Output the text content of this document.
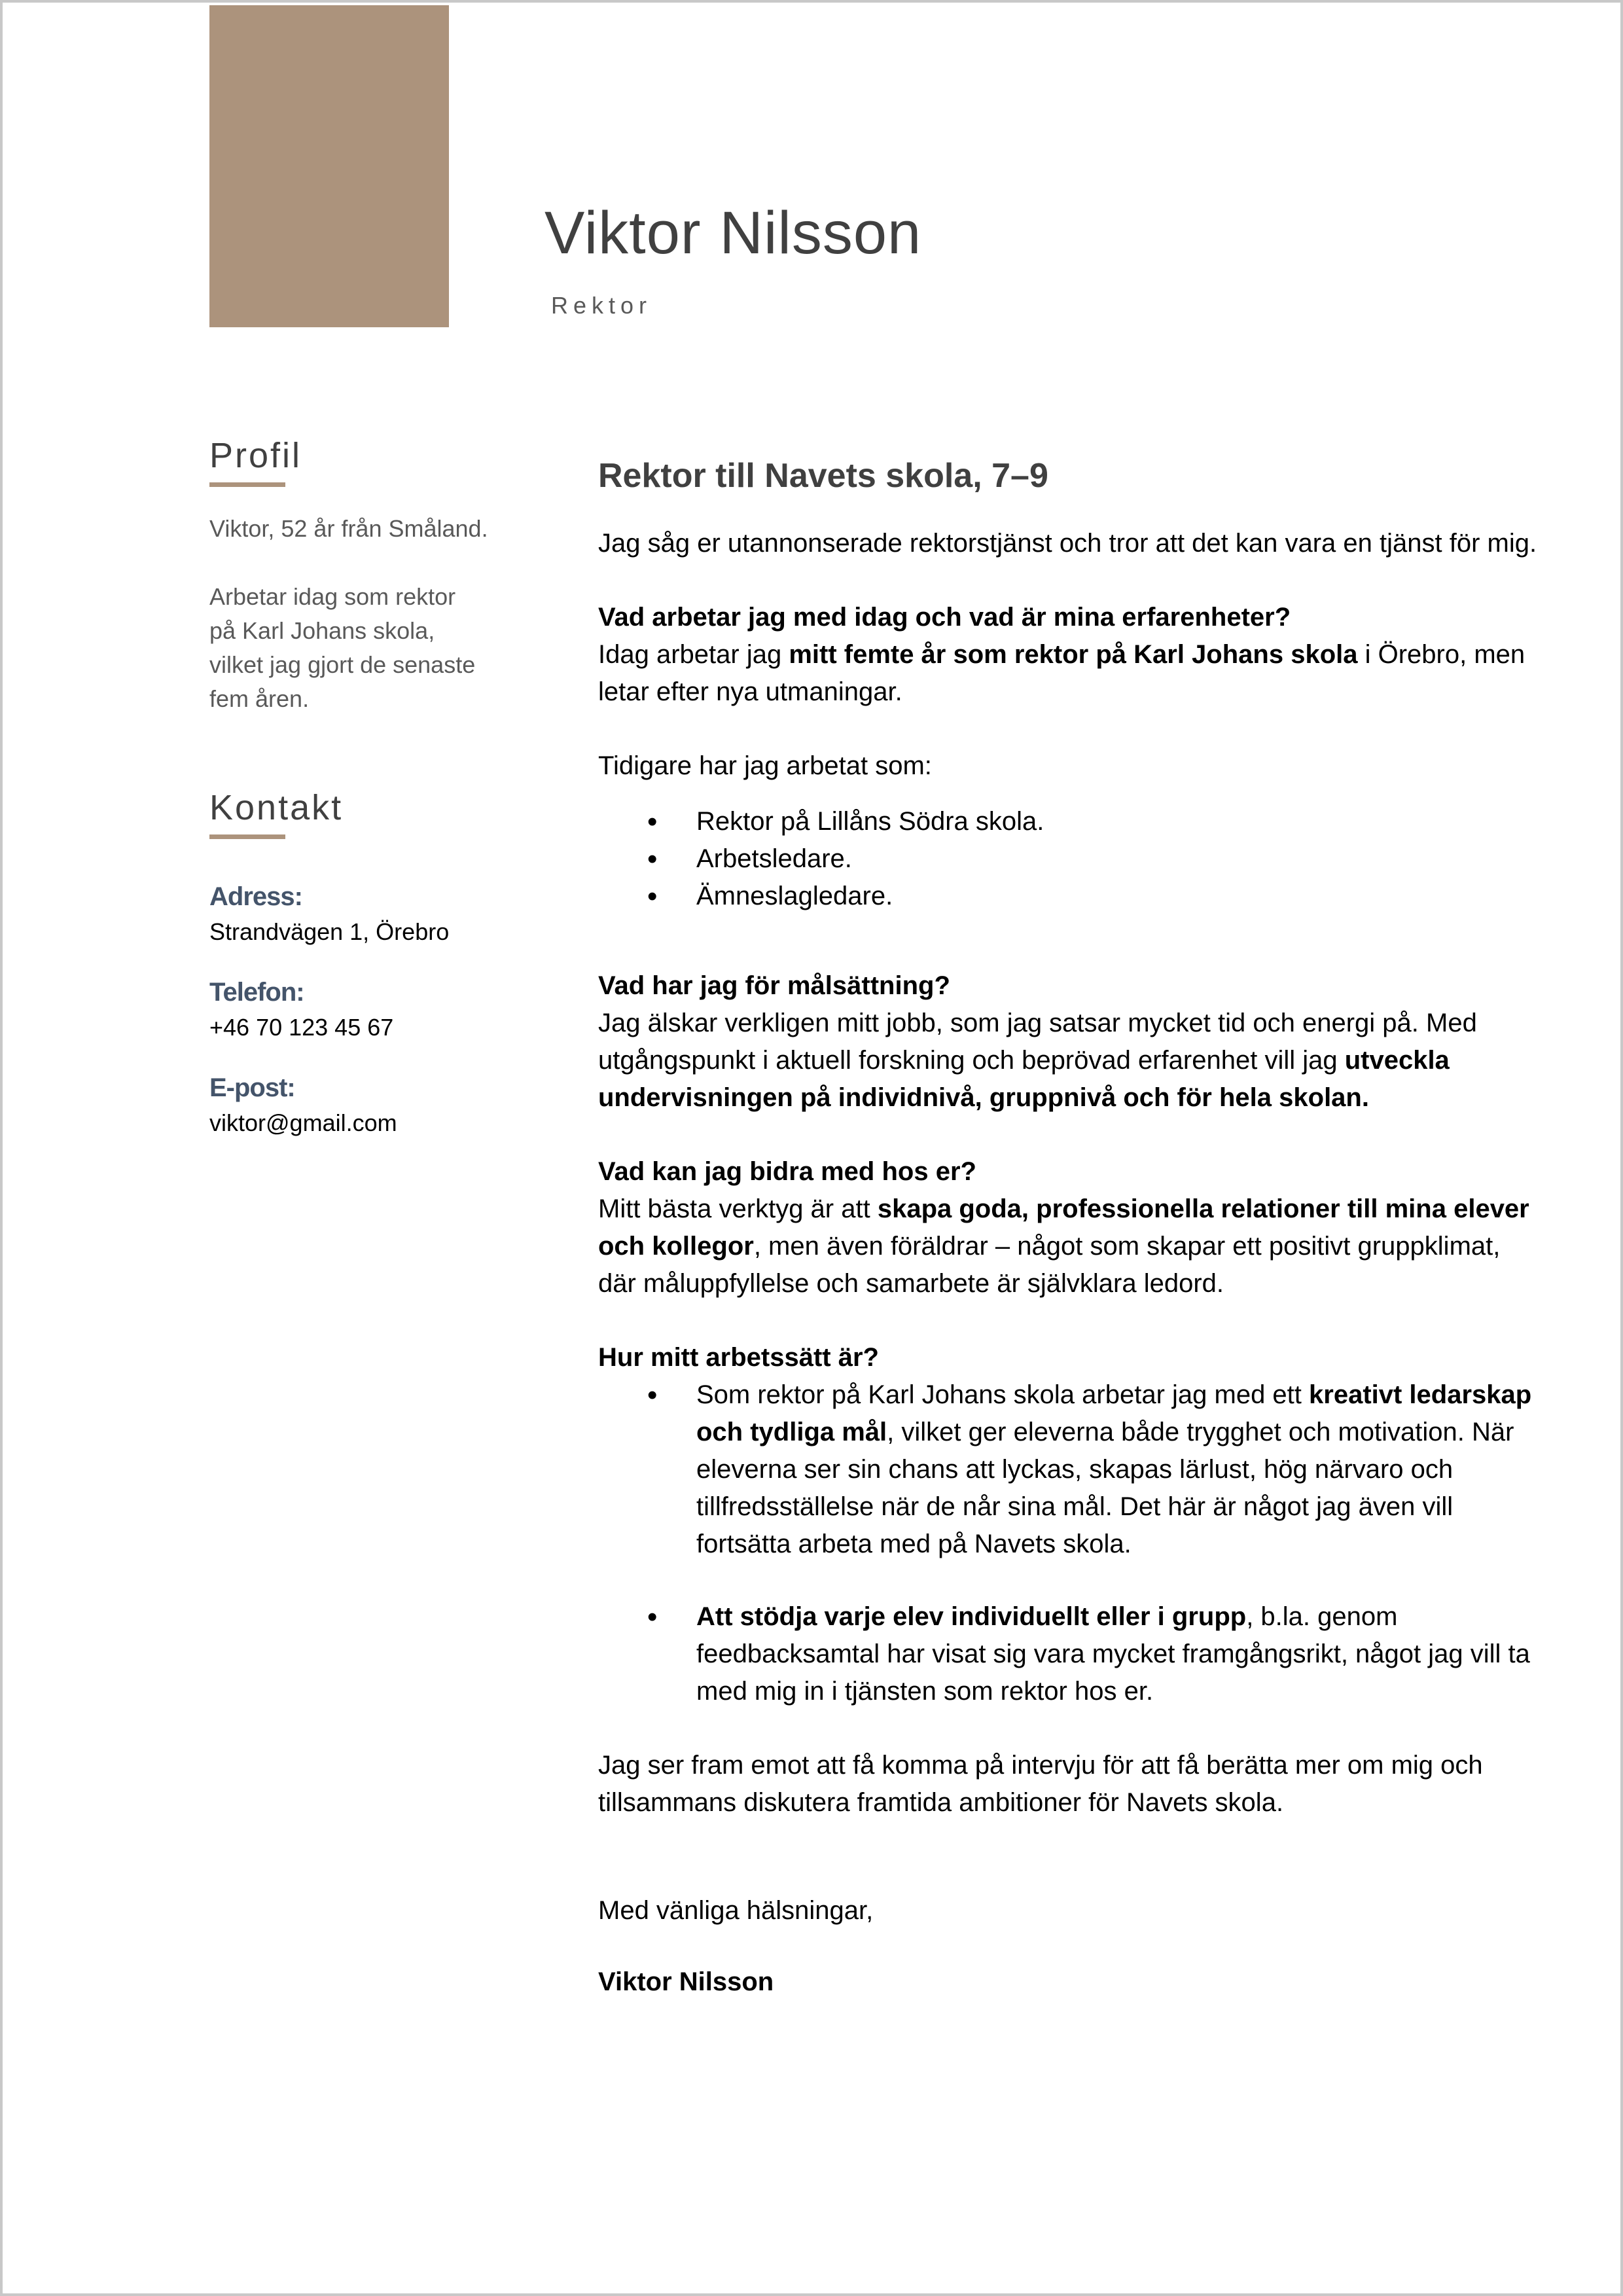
Viktor Nilsson
Rektor
Profil
Viktor, 52 år från Småland.
Arbetar idag som rektor
på Karl Johans skola,
vilket jag gjort de senaste
fem åren.
Kontakt
Adress:
Strandvägen 1, Örebro
Telefon:
+46 70 123 45 67
E-post:
viktor@gmail.com
Rektor till Navets skola, 7–9

Jag såg er utannonserade rektorstjänst och tror att det kan vara en tjänst för mig.

Vad arbetar jag med idag och vad är mina erfarenheter?

Idag arbetar jag mitt femte år som rektor på Karl Johans skola i Örebro, men letar efter nya utmaningar.

Tidigare har jag arbetat som:

• Rektor på Lillåns Södra skola.
• Arbetsledare.
• Ämneslagledare.
Vad har jag för målsättning?

Jag älskar verkligen mitt jobb, som jag satsar mycket tid och energi på. Med utgångspunkt i aktuell forskning och beprövad erfarenhet vill jag utveckla undervisningen på individnivå, gruppnivå och för hela skolan.

Vad kan jag bidra med hos er?

Mitt bästa verktyg är att skapa goda, professionella relationer till mina elever och kollegor, men även föräldrar – något som skapar ett positivt gruppklimat, där måluppfyllelse och samarbete är självklara ledord.

Hur mitt arbetssätt är?
• Som rektor på Karl Johans skola arbetar jag med ett kreativt ledarskap och tydliga mål, vilket ger eleverna både trygghet och motivation. När eleverna ser sin chans att lyckas, skapas lärlust, hög närvaro och tillfredsställelse när de når sina mål. Det här är något jag även vill fortsätta arbeta med på Navets skola.
• Att stödja varje elev individuellt eller i grupp, b.la. genom feedbacksamtal har visat sig vara mycket framgångsrikt, något jag vill ta med mig in i tjänsten som rektor hos er.

Jag ser fram emot att få komma på intervju för att få berätta mer om mig och tillsammans diskutera framtida ambitioner för Navets skola.

Med vänliga hälsningar,

Viktor Nilsson
